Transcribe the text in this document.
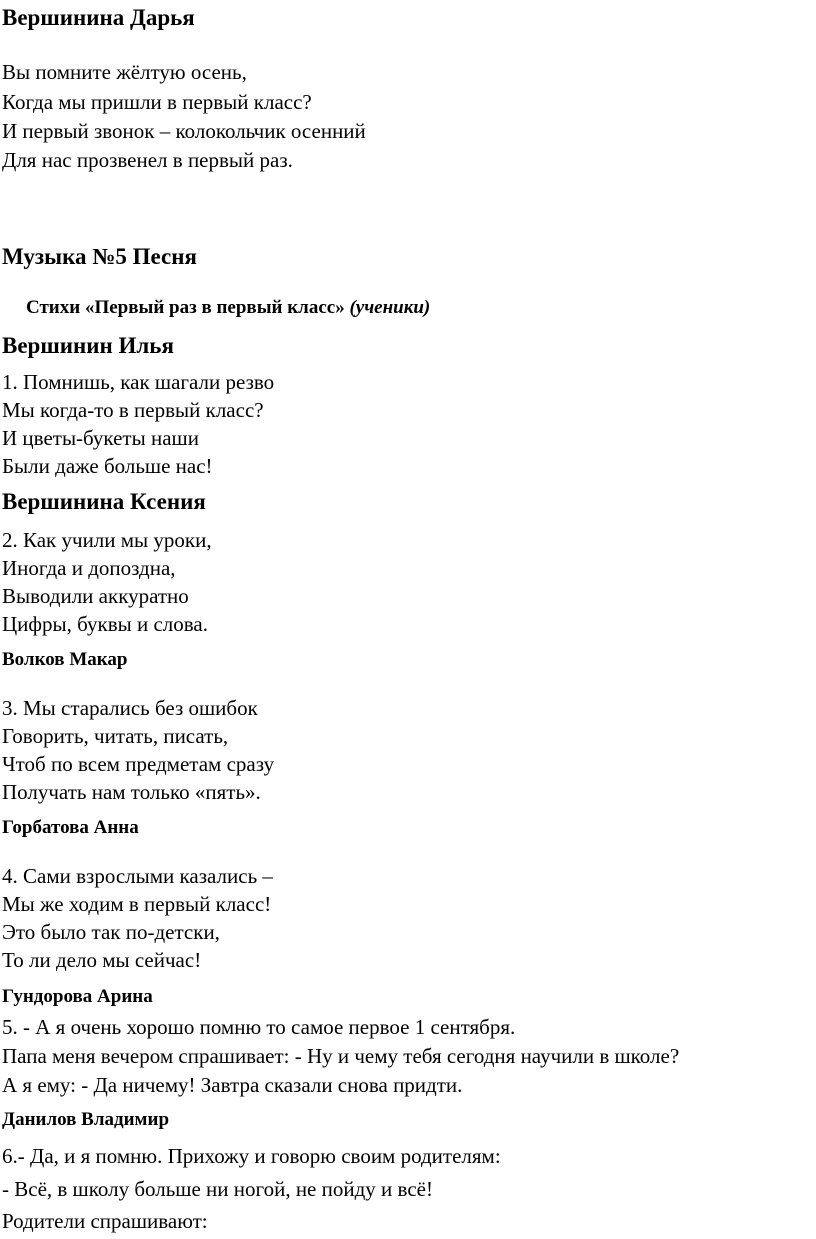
Вершинина Дарья
Вы помните жёлтую осень,
Когда мы пришли в первый класс?
И первый звонок – колокольчик осенний
Для нас прозвенел в первый раз.
Музыка №5 Песня
Стихи «Первый раз в первый класс» (ученики)
Вершинин Илья
1. Помнишь, как шагали резво
Мы когда-то в первый класс?
И цветы-букеты наши
Были даже больше нас!
Вершинина Ксения
2. Как учили мы уроки,
Иногда и допоздна,
Выводили аккуратно
Цифры, буквы и слова.
Волков Макар
3. Мы старались без ошибок
Говорить, читать, писать,
Чтоб по всем предметам сразу
Получать нам только «пять».
Горбатова Анна
4. Сами взрослыми казались –
Мы же ходим в первый класс!
Это было так по-детски,
То ли дело мы сейчас!
Гундорова Арина
5. - А я очень хорошо помню то самое первое 1 сентября.
Папа меня вечером спрашивает: - Ну и чему тебя сегодня научили в школе?
А я ему: - Да ничему! Завтра сказали снова придти.
Данилов Владимир
6.- Да, и я помню. Прихожу и говорю своим родителям:
- Всё, в школу больше ни ногой, не пойду и всё!
Родители спрашивают:
